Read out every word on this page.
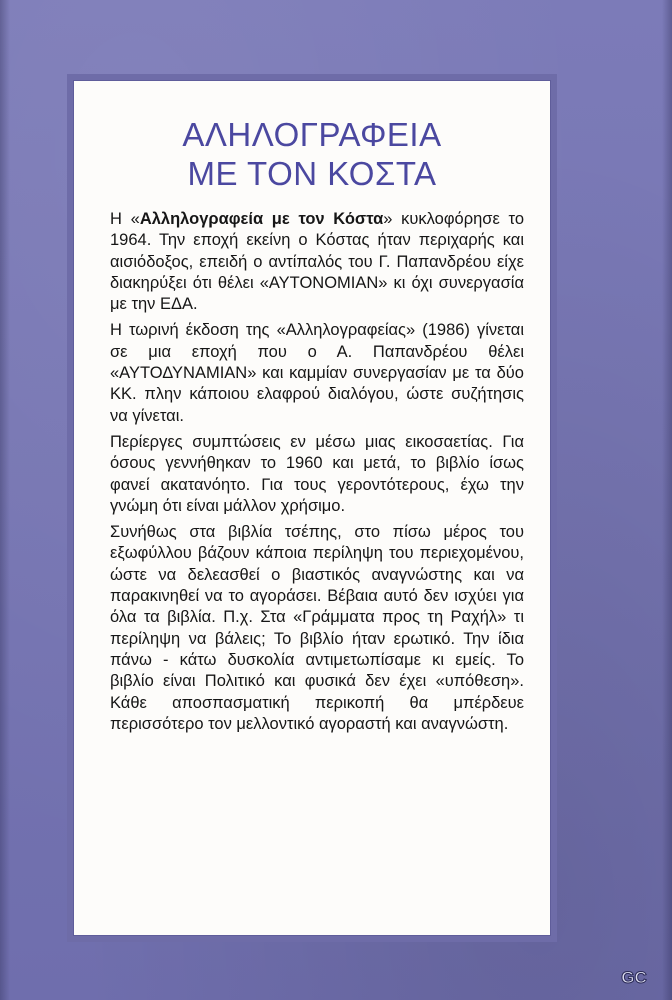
ΑΛΗΛΟΓΡΑΦΕΙΑ
ΜΕ ΤΟΝ ΚΟΣΤΑ

Η «Αλληλογραφεία με τον Κόστα» κυκλοφόρησε το 1964. Την εποχή εκείνη ο Κόστας ήταν περιχαρής και αισιόδοξος, επειδή ο αντίπαλός του Γ. Παπανδρέου είχε διακηρύξει ότι θέλει «ΑΥΤΟΝΟΜΙΑΝ» κι όχι συνεργασία με την ΕΔΑ.

Η τωρινή έκδοση της «Αλληλογραφείας» (1986) γίνεται σε μια εποχή που ο Α. Παπανδρέου θέλει «ΑΥΤΟΔΥΝΑΜΙΑΝ» και καμμίαν συνεργασίαν με τα δύο ΚΚ. πλην κάποιου ελαφρού διαλόγου, ώστε συζήτησις να γίνεται.

Περίεργες συμπτώσεις εν μέσω μιας εικοσαετίας. Για όσους γεννήθηκαν το 1960 και μετά, το βιβλίο ίσως φανεί ακατανόητο. Για τους γεροντότερους, έχω την γνώμη ότι είναι μάλλον χρήσιμο.

Συνήθως στα βιβλία τσέπης, στο πίσω μέρος του εξωφύλλου βάζουν κάποια περίληψη του περιεχομένου, ώστε να δελεασθεί ο βιαστικός αναγνώστης και να παρακινηθεί να το αγοράσει. Βέβαια αυτό δεν ισχύει για όλα τα βιβλία. Π.χ. Στα «Γράμματα προς τη Ραχήλ» τι περίληψη να βάλεις; Το βιβλίο ήταν ερωτικό. Την ίδια πάνω - κάτω δυσκολία αντιμετωπίσαμε κι εμείς. Το βιβλίο είναι Πολιτικό και φυσικά δεν έχει «υπόθεση». Κάθε αποσπασματική περικοπή θα μπέρδευε περισσότερο τον μελλοντικό αγοραστή και αναγνώστη.

GC
